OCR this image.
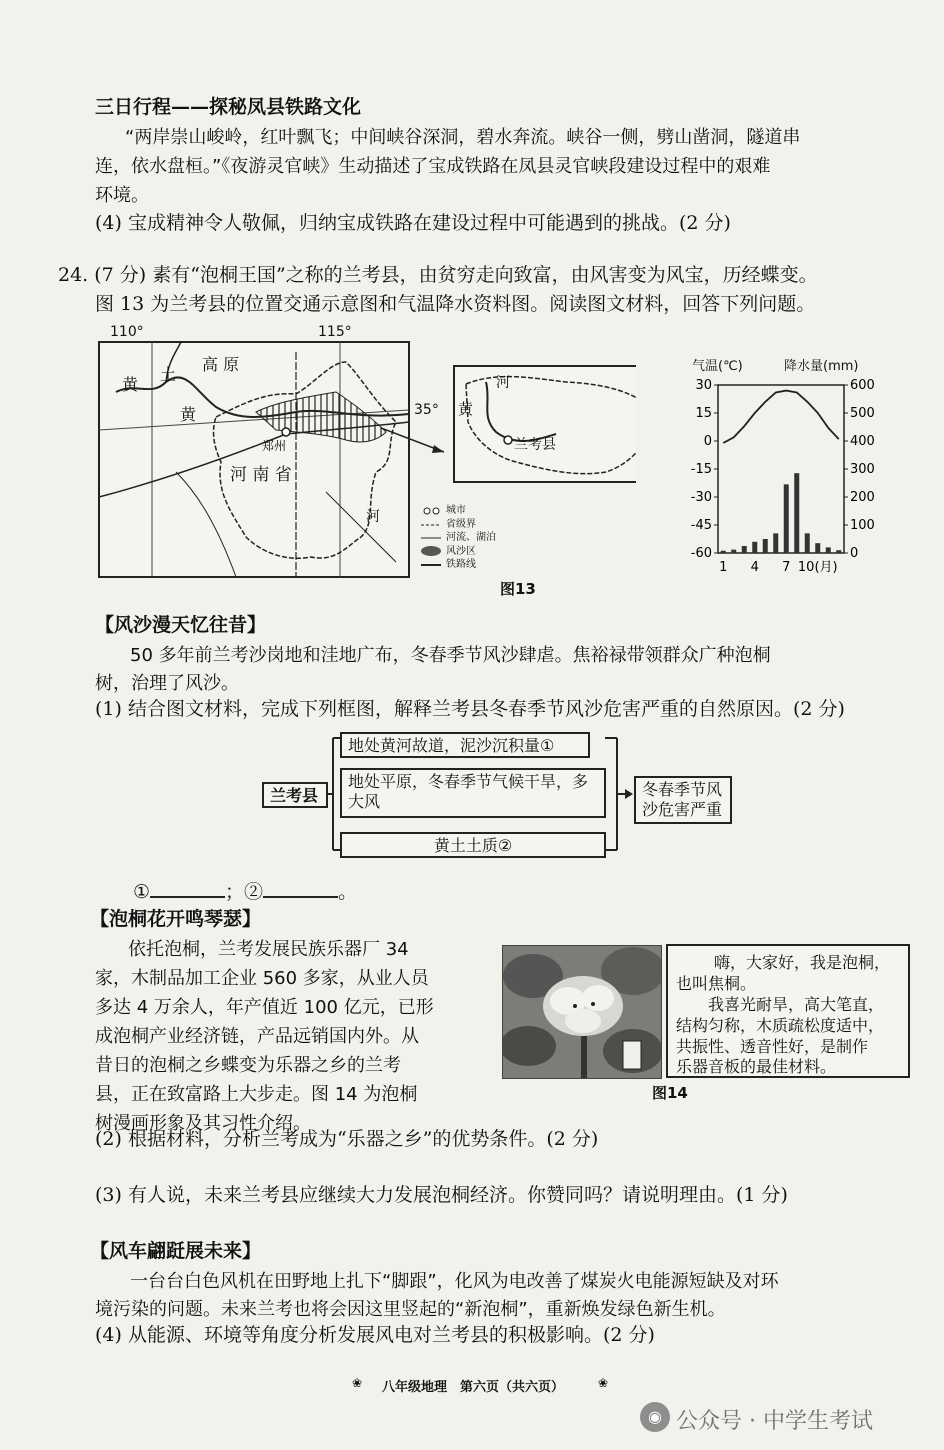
三日行程——探秘凤县铁路文化
“两岸崇山峻岭，红叶飘飞；中间峡谷深洞，碧水奔流。峡谷一侧，劈山凿洞，隧道串
连，依水盘桓。”《夜游灵官峡》生动描述了宝成铁路在凤县灵官峡段建设过程中的艰难
环境。
(4) 宝成精神令人敬佩，归纳宝成铁路在建设过程中可能遇到的挑战。(2 分)
24. (7 分) 素有“泡桐王国”之称的兰考县，由贫穷走向致富，由风害变为风宝，历经蝶变。
图 13 为兰考县的位置交通示意图和气温降水资料图。阅读图文材料，回答下列问题。
110°	115°
35°
黄
土
高 原
黄
郑州
河 南 省
河
黄
河
兰考县
城市
省级界
河流、湖泊
风沙区
铁路线
气温(℃)	降水量(mm)
30
15
0
-15
-30
-45
-60
600
500
400
300
200
100
0
1 4 7 10(月)
图13
【风沙漫天忆往昔】
50 多年前兰考沙岗地和洼地广布，冬春季节风沙肆虐。焦裕禄带领群众广种泡桐
树，治理了风沙。
(1) 结合图文材料，完成下列框图，解释兰考县冬春季节风沙危害严重的自然原因。(2 分)
兰考县
地处黄河故道，泥沙沉积量①
地处平原，冬春季节气候干旱，多大风
黄土土质②
冬春季节风沙危害严重
①	；②	。
【泡桐花开鸣琴瑟】
依托泡桐，兰考发展民族乐器厂 34
家，木制品加工企业 560 多家，从业人员
多达 4 万余人，年产值近 100 亿元，已形
成泡桐产业经济链，产品远销国内外。从
昔日的泡桐之乡蝶变为乐器之乡的兰考
县，正在致富路上大步走。图 14 为泡桐
树漫画形象及其习性介绍。
嗨，大家好，我是泡桐，
也叫焦桐。
我喜光耐旱，高大笔直，
结构匀称，木质疏松度适中，
共振性、透音性好，是制作
乐器音板的最佳材料。
图14
(2) 根据材料，分析兰考成为“乐器之乡”的优势条件。(2 分)
(3) 有人说，未来兰考县应继续大力发展泡桐经济。你赞同吗？请说明理由。(1 分)
【风车翩跹展未来】
一台台白色风机在田野地上扎下“脚跟”，化风为电改善了煤炭火电能源短缺及对环
境污染的问题。未来兰考也将会因这里竖起的“新泡桐”，重新焕发绿色新生机。
(4) 从能源、环境等角度分析发展风电对兰考县的积极影响。(2 分)
❀ 八年级地理　第六页（共六页）	❀
◉ 公众号 · 中学生考试
